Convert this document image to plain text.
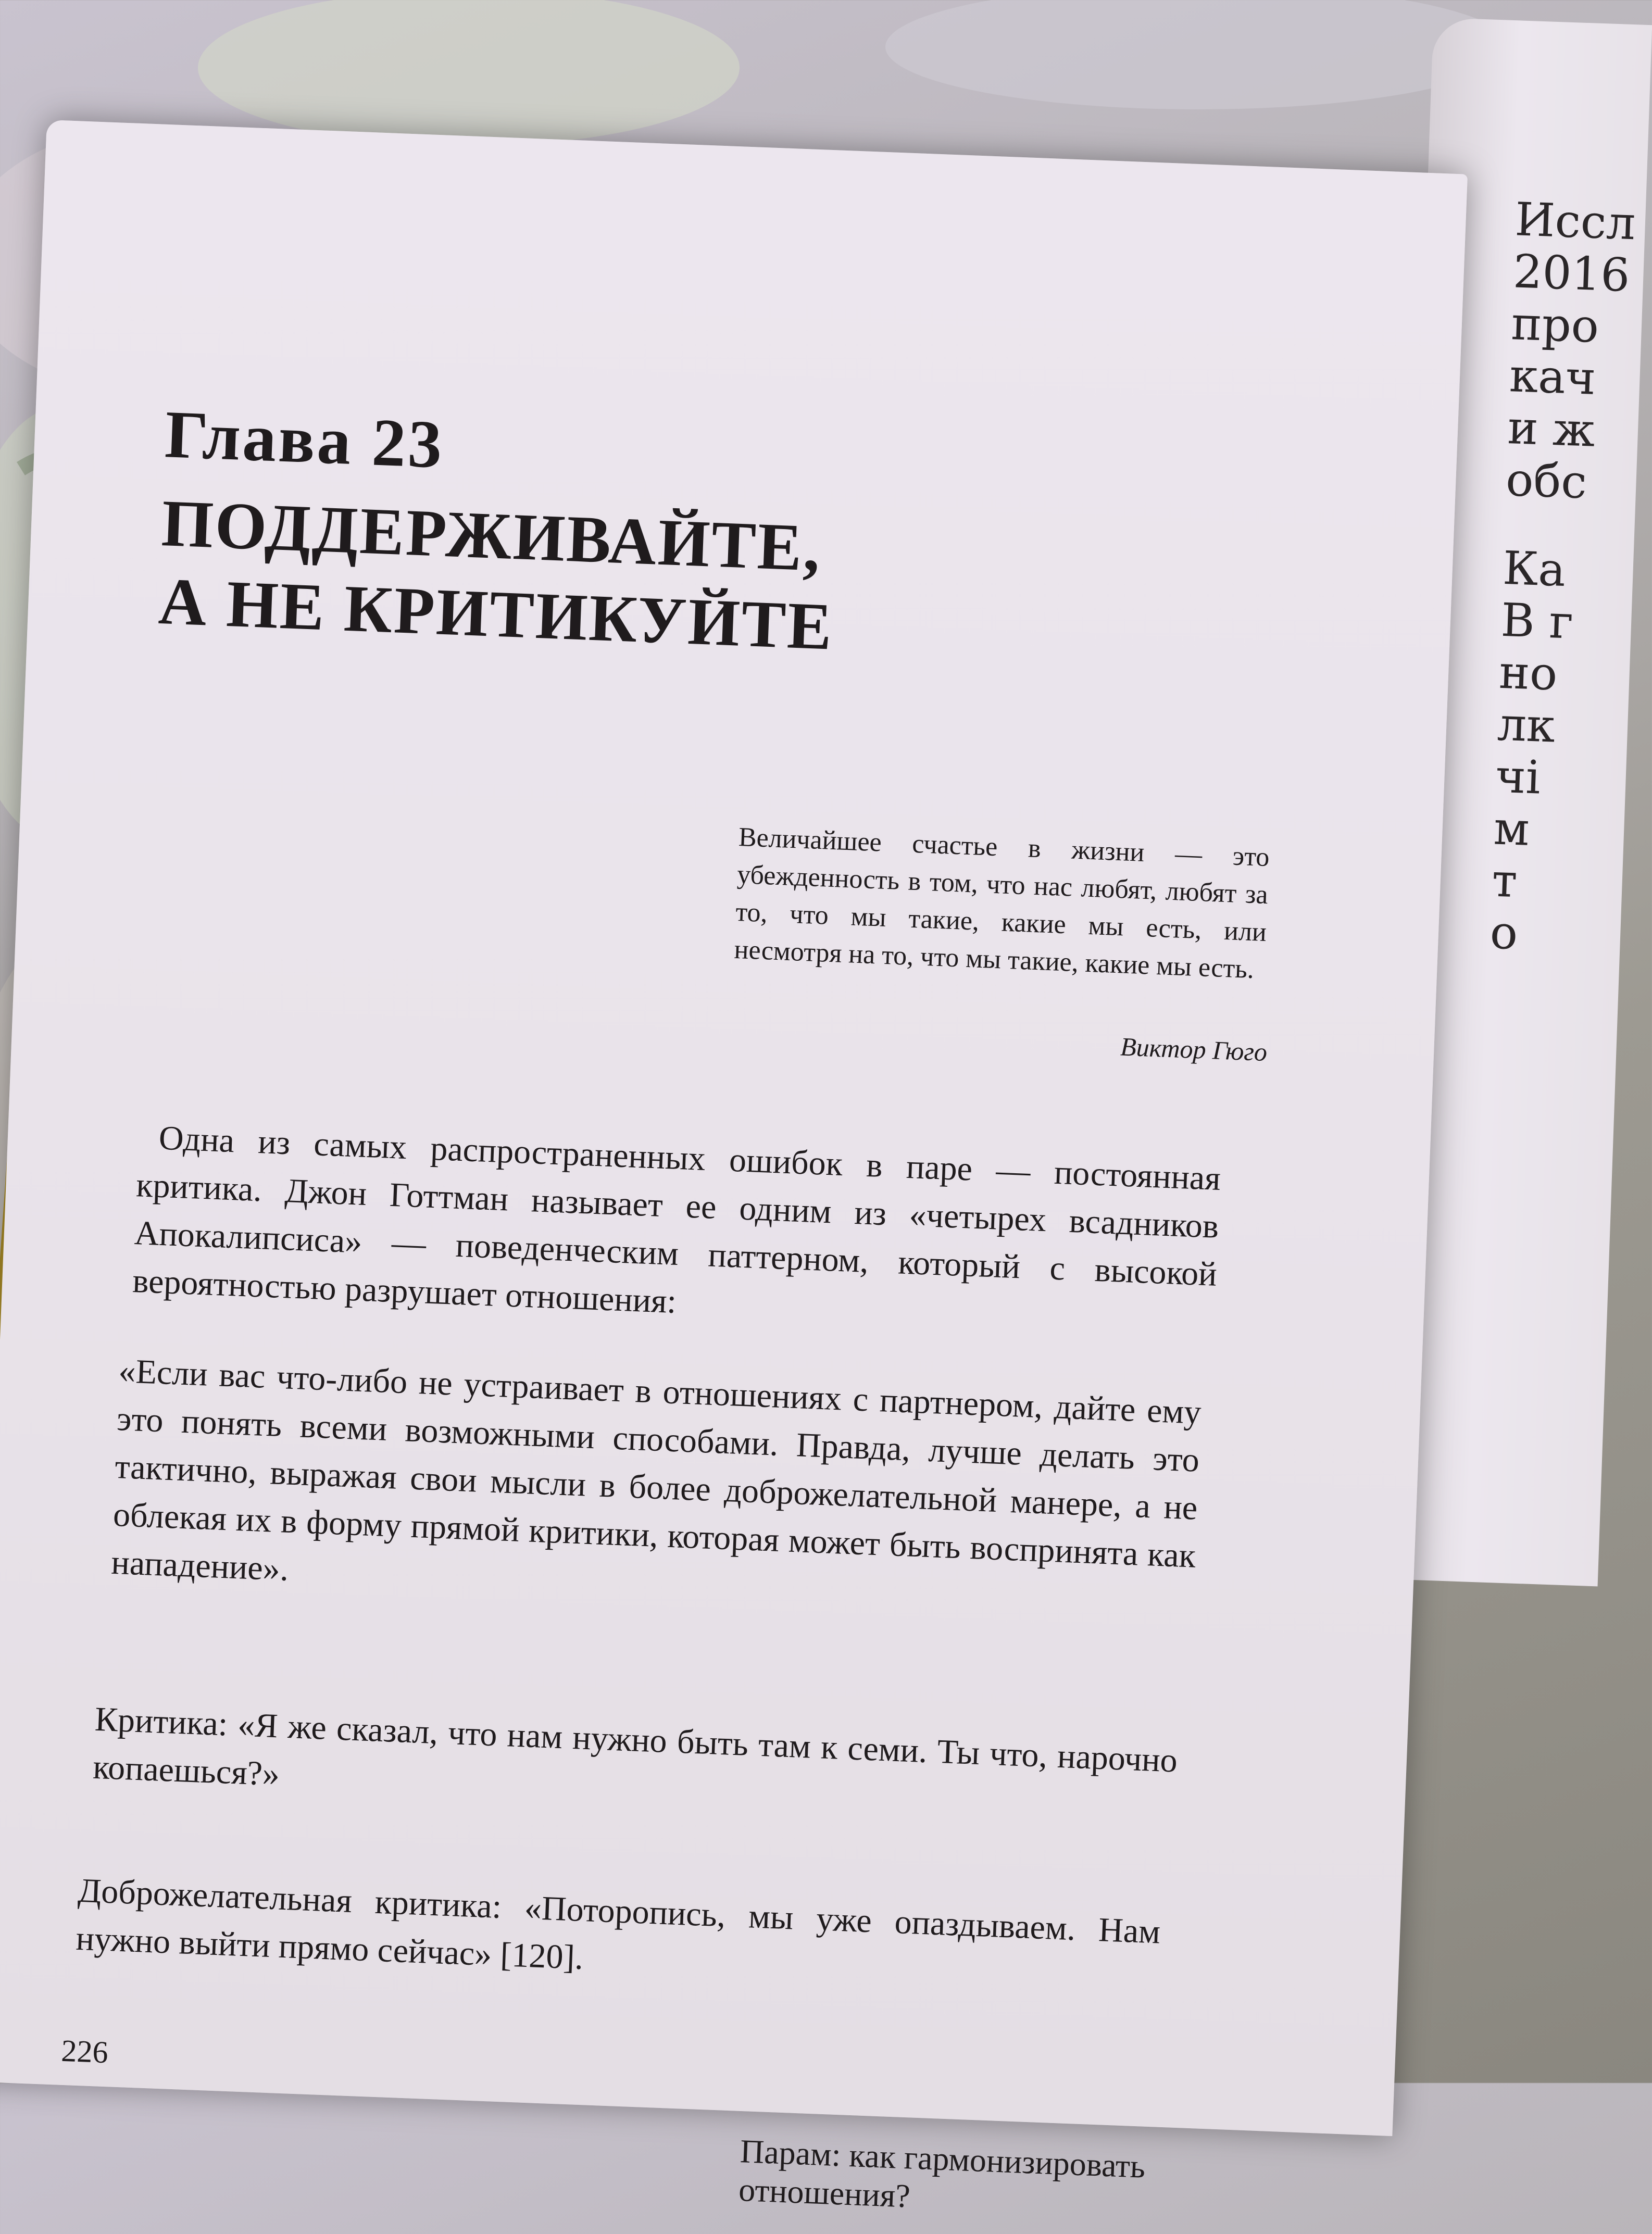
Иссл
2016
про
кач
и ж
обс
Ка
В г
но
лк
чі
м
т
о
Глава 23
ПОДДЕРЖИВАЙТЕ,
А НЕ КРИТИКУЙТЕ
Величайшее счастье в жизни — это убежденность в том, что нас любят, любят за то, что мы такие, какие мы есть, или несмотря на то, что мы такие, какие мы есть.
Виктор Гюго
Одна из самых распространенных ошибок в паре — постоянная критика. Джон Готтман называет ее одним из «четырех всадников Апокалипсиса» — поведенческим паттерном, который с высокой вероятностью разрушает отношения:
«Если вас что-либо не устраивает в отношениях с партнером, дайте ему это понять всеми возможными способами. Правда, лучше делать это тактично, выражая свои мысли в более доброжелательной манере, а не облекая их в форму прямой критики, которая может быть воспринята как нападение».
Критика: «Я же сказал, что нам нужно быть там к семи. Ты что, нарочно копаешься?»
Доброжелательная критика: «Поторопись, мы уже опаздываем. Нам нужно выйти прямо сейчас» [120].
226
Парам: как гармонизировать отношения?
